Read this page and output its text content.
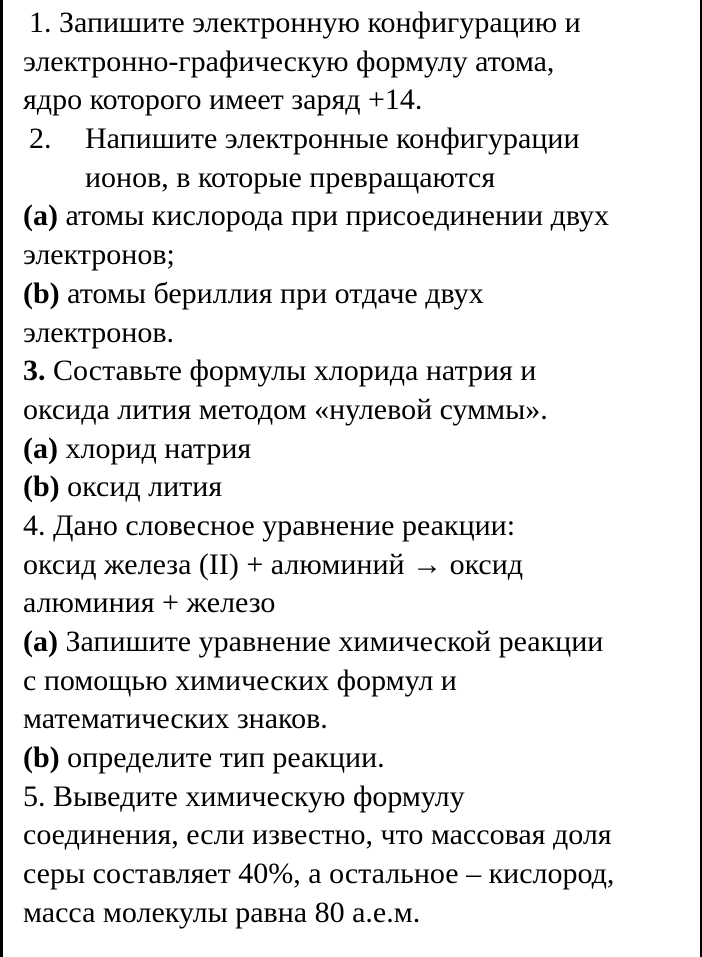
1. Запишите электронную конфигурацию и
электронно-графическую формулу атома,
ядро которого имеет заряд +14.
2. Напишите электронные конфигурации
ионов, в которые превращаются
(a) атомы кислорода при присоединении двух
электронов;
(b) атомы бериллия при отдаче двух
электронов.
3. Составьте формулы хлорида натрия и
оксида лития методом «нулевой суммы».
(a) хлорид натрия
(b) оксид лития
4. Дано словесное уравнение реакции:
оксид железа (II) + алюминий → оксид
алюминия + железо
(a) Запишите уравнение химической реакции
с помощью химических формул и
математических знаков.
(b) определите тип реакции.
5. Выведите химическую формулу
соединения, если известно, что массовая доля
серы составляет 40%, а остальное – кислород,
масса молекулы равна 80 а.е.м.
